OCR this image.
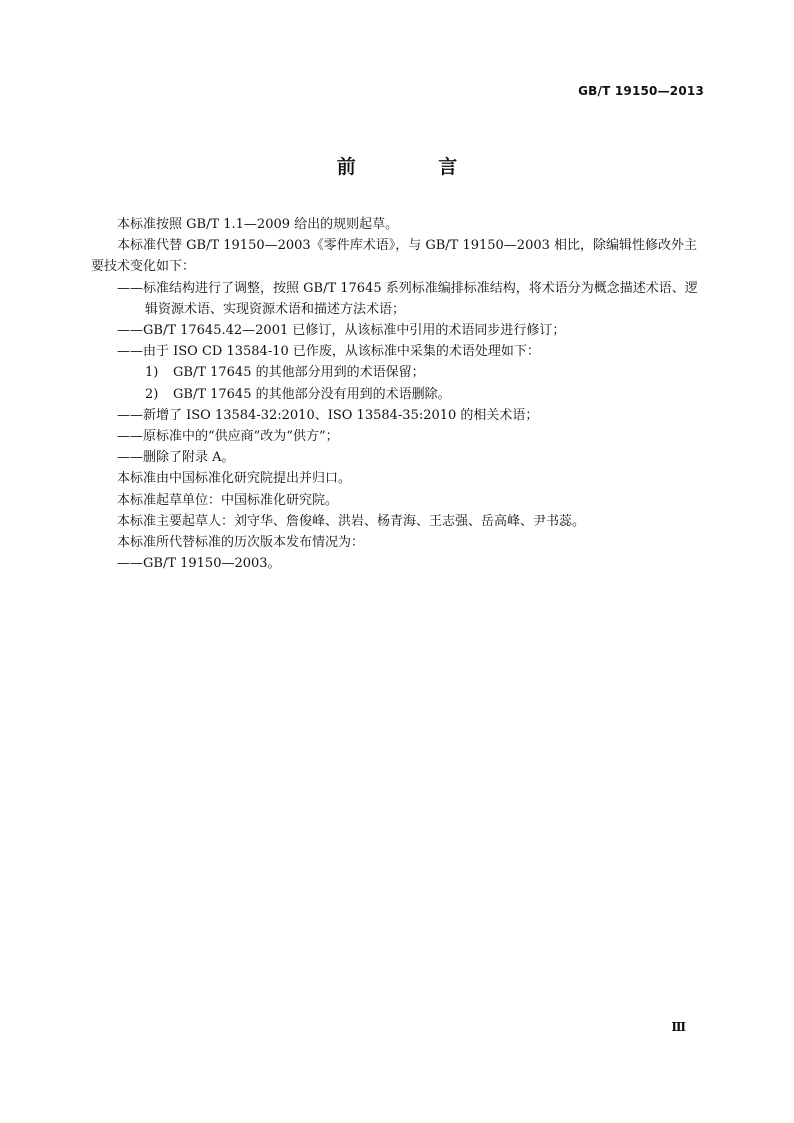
GB/T 19150—2013
前 言

本标准按照 GB/T 1.1—2009 给出的规则起草。

本标准代替 GB/T 19150—2003《零件库术语》，与 GB/T 19150—2003 相比，除编辑性修改外主要技术变化如下：

——标准结构进行了调整，按照 GB/T 17645 系列标准编排标准结构，将术语分为概念描述术语、逻辑资源术语、实现资源术语和描述方法术语；

——GB/T 17645.42—2001 已修订，从该标准中引用的术语同步进行修订；

——由于 ISO CD 13584-10 已作废，从该标准中采集的术语处理如下：

1) GB/T 17645 的其他部分用到的术语保留；

2) GB/T 17645 的其他部分没有用到的术语删除。

——新增了 ISO 13584-32:2010、ISO 13584-35:2010 的相关术语；

——原标准中的“供应商”改为“供方”；

——删除了附录 A。

本标准由中国标准化研究院提出并归口。

本标准起草单位：中国标准化研究院。

本标准主要起草人：刘守华、詹俊峰、洪岩、杨青海、王志强、岳高峰、尹书蕊。

本标准所代替标准的历次版本发布情况为：

——GB/T 19150—2003。

Ⅲ
